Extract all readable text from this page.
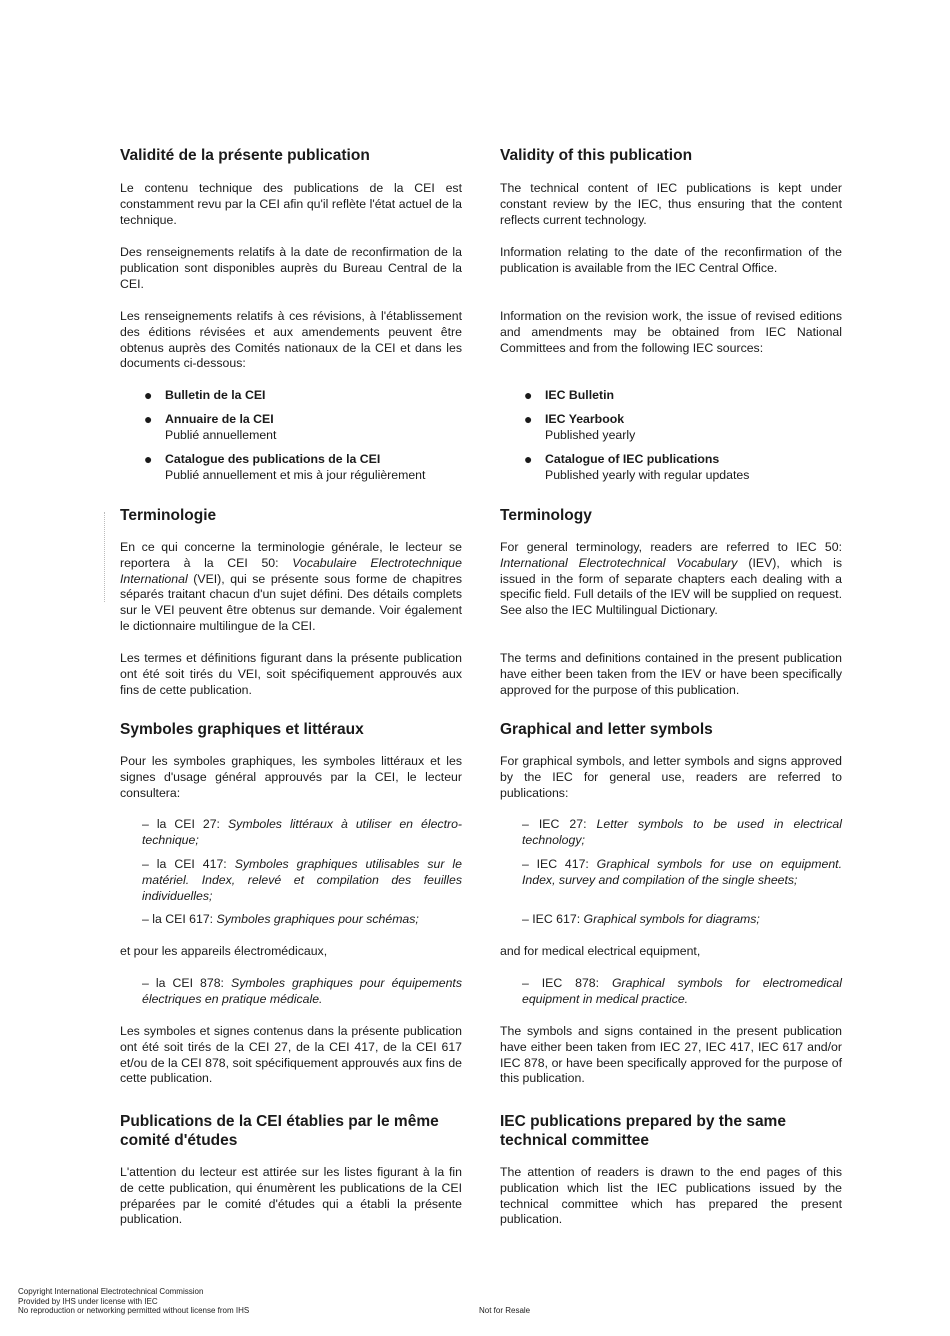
Validité de la présente publication
Le contenu technique des publications de la CEI est constamment revu par la CEI afin qu'il reflète l'état actuel de la technique.
Des renseignements relatifs à la date de reconfirmation de la publication sont disponibles auprès du Bureau Central de la CEI.
Les renseignements relatifs à ces révisions, à l'établissement des éditions révisées et aux amendements peuvent être obtenus auprès des Comités nationaux de la CEI et dans les documents ci-dessous:
● Bulletin de la CEI
● Annuaire de la CEI
Publié annuellement
● Catalogue des publications de la CEI
Publié annuellement et mis à jour régulièrement
Terminologie
En ce qui concerne la terminologie générale, le lecteur se reportera à la CEI 50: Vocabulaire Electrotechnique International (VEI), qui se présente sous forme de chapitres séparés traitant chacun d'un sujet défini. Des détails complets sur le VEI peuvent être obtenus sur demande. Voir également le dictionnaire multilingue de la CEI.
Les termes et définitions figurant dans la présente publication ont été soit tirés du VEI, soit spécifiquement approuvés aux fins de cette publication.
Symboles graphiques et littéraux
Pour les symboles graphiques, les symboles littéraux et les signes d'usage général approuvés par la CEI, le lecteur consultera:
– la CEI 27: Symboles littéraux à utiliser en électro-technique;
– la CEI 417: Symboles graphiques utilisables sur le matériel. Index, relevé et compilation des feuilles individuelles;
– la CEI 617: Symboles graphiques pour schémas;
et pour les appareils électromédicaux,
– la CEI 878: Symboles graphiques pour équipements électriques en pratique médicale.
Les symboles et signes contenus dans la présente publication ont été soit tirés de la CEI 27, de la CEI 417, de la CEI 617 et/ou de la CEI 878, soit spécifiquement approuvés aux fins de cette publication.
Publications de la CEI établies par le même comité d'études
L'attention du lecteur est attirée sur les listes figurant à la fin de cette publication, qui énumèrent les publications de la CEI préparées par le comité d'études qui a établi la présente publication.
Validity of this publication
The technical content of IEC publications is kept under constant review by the IEC, thus ensuring that the content reflects current technology.
Information relating to the date of the reconfirmation of the publication is available from the IEC Central Office.
Information on the revision work, the issue of revised editions and amendments may be obtained from IEC National Committees and from the following IEC sources:
● IEC Bulletin
● IEC Yearbook
Published yearly
● Catalogue of IEC publications
Published yearly with regular updates
Terminology
For general terminology, readers are referred to IEC 50: International Electrotechnical Vocabulary (IEV), which is issued in the form of separate chapters each dealing with a specific field. Full details of the IEV will be supplied on request. See also the IEC Multilingual Dictionary.
The terms and definitions contained in the present publication have either been taken from the IEV or have been specifically approved for the purpose of this publication.
Graphical and letter symbols
For graphical symbols, and letter symbols and signs approved by the IEC for general use, readers are referred to publications:
– IEC 27: Letter symbols to be used in electrical technology;
– IEC 417: Graphical symbols for use on equipment. Index, survey and compilation of the single sheets;
– IEC 617: Graphical symbols for diagrams;
and for medical electrical equipment,
– IEC 878: Graphical symbols for electromedical equipment in medical practice.
The symbols and signs contained in the present publication have either been taken from IEC 27, IEC 417, IEC 617 and/or IEC 878, or have been specifically approved for the purpose of this publication.
IEC publications prepared by the same technical committee
The attention of readers is drawn to the end pages of this publication which list the IEC publications issued by the technical committee which has prepared the present publication.
Copyright International Electrotechnical Commission
Provided by IHS under license with IEC
No reproduction or networking permitted without license from IHS	Not for Resale
